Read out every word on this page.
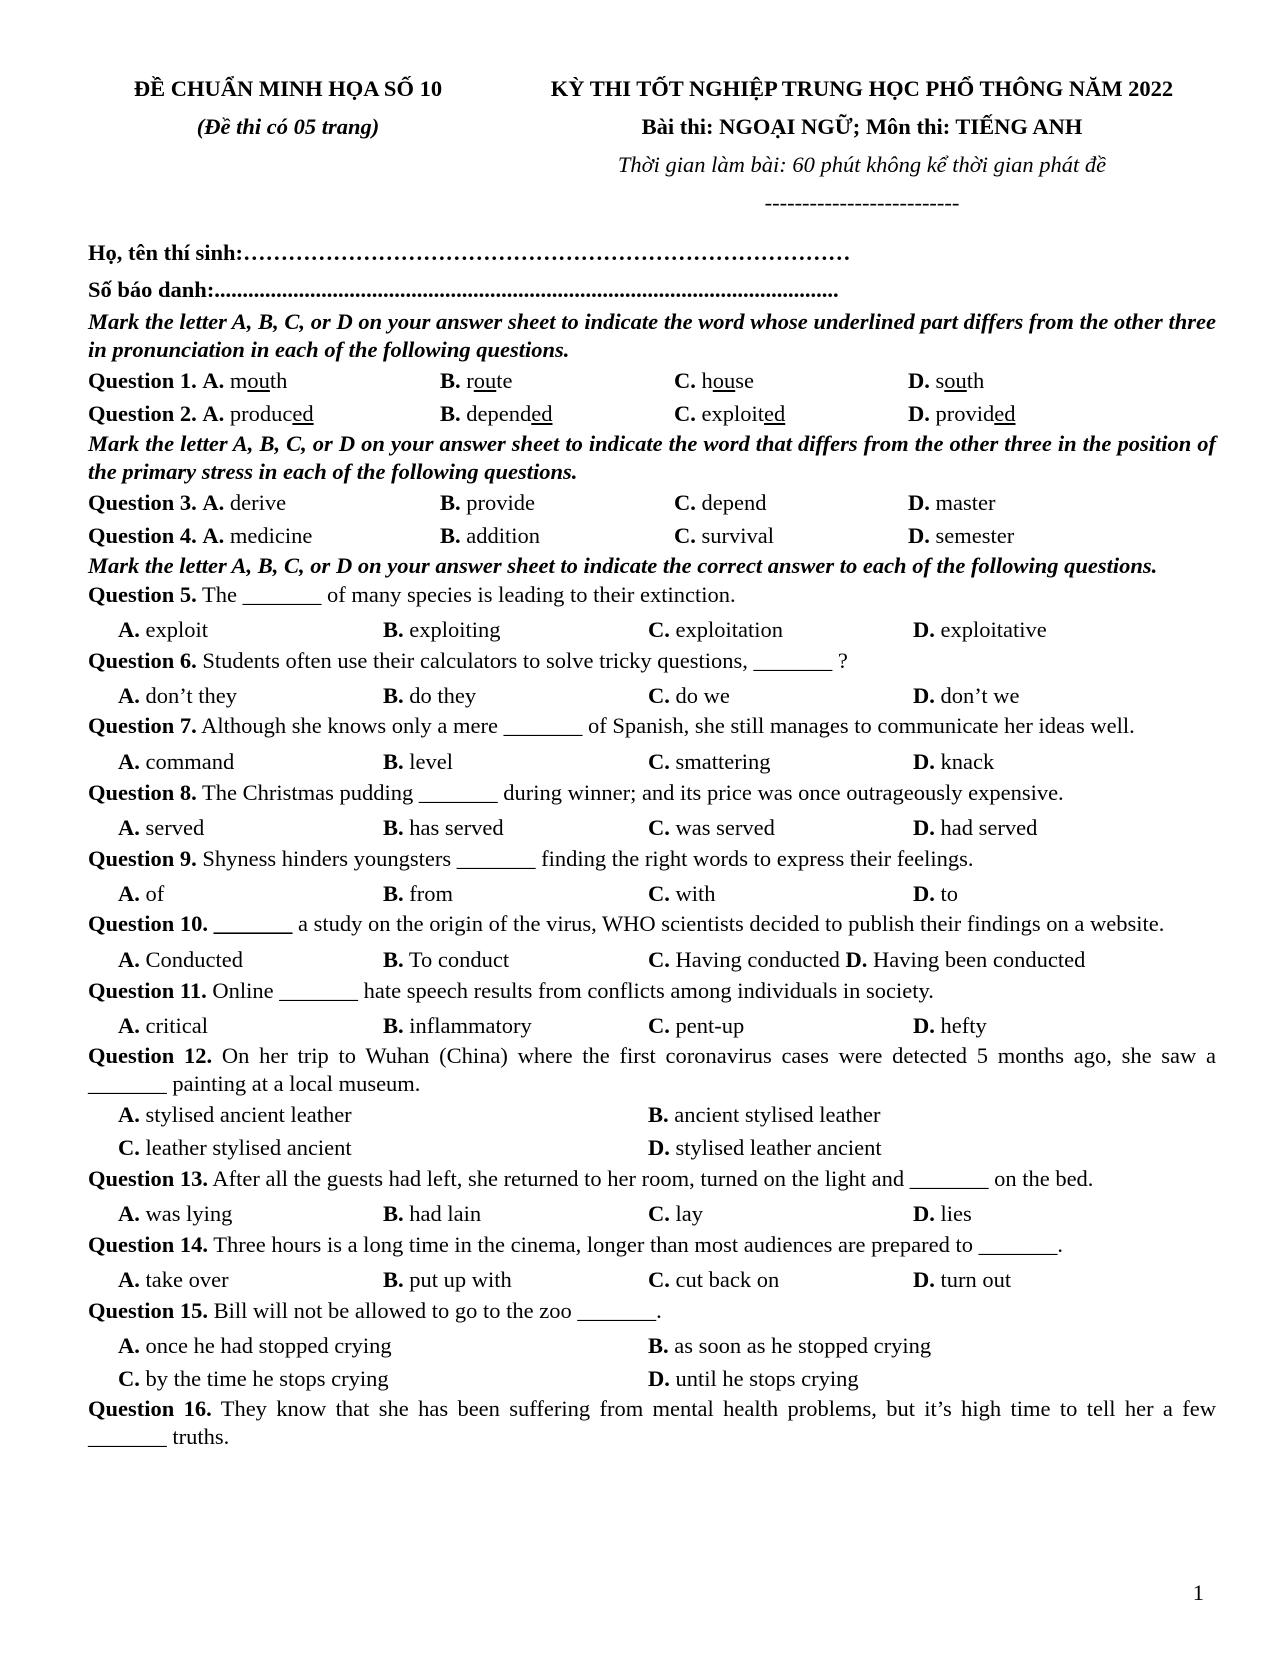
ĐỀ CHUẨN MINH HỌA SỐ 10
(Đề thi có 05 trang)
KỲ THI TỐT NGHIỆP TRUNG HỌC PHỔ THÔNG NĂM 2022
Bài thi: NGOẠI NGỮ; Môn thi: TIẾNG ANH
Thời gian làm bài: 60 phút không kể thời gian phát đề
--------------------------
Họ, tên thí sinh:………………………………………………………………………
Số báo danh:...............................................................................................................
Mark the letter A, B, C, or D on your answer sheet to indicate the word whose underlined part differs from the other three in pronunciation in each of the following questions.
Question 1. A. mouth	B. route	C. house	D. south
Question 2. A. produced	B. depended	C. exploited	D. provided
Mark the letter A, B, C, or D on your answer sheet to indicate the word that differs from the other three in the position of the primary stress in each of the following questions.
Question 3. A. derive	B. provide	C. depend	D. master
Question 4. A. medicine	B. addition	C. survival	D. semester
Mark the letter A, B, C, or D on your answer sheet to indicate the correct answer to each of the following questions.
Question 5. The _______ of many species is leading to their extinction.
A. exploit	B. exploiting	C. exploitation	D. exploitative
Question 6. Students often use their calculators to solve tricky questions, _______ ?
A. don’t they	B. do they	C. do we	D. don’t we
Question 7. Although she knows only a mere _______ of Spanish, she still manages to communicate her ideas well.
A. command	B. level	C. smattering	D. knack
Question 8. The Christmas pudding _______ during winner; and its price was once outrageously expensive.
A. served	B. has served	C. was served	D. had served
Question 9. Shyness hinders youngsters _______ finding the right words to express their feelings.
A. of	B. from	C. with	D. to
Question 10. _______ a study on the origin of the virus, WHO scientists decided to publish their findings on a website.
A. Conducted	B. To conduct	C. Having conducted D. Having been conducted
Question 11. Online _______ hate speech results from conflicts among individuals in society.
A. critical	B. inflammatory	C. pent-up	D. hefty
Question 12. On her trip to Wuhan (China) where the first coronavirus cases were detected 5 months ago, she saw a _______ painting at a local museum.
A. stylised ancient leather	B. ancient stylised leather
C. leather stylised ancient	D. stylised leather ancient
Question 13. After all the guests had left, she returned to her room, turned on the light and _______ on the bed.
A. was lying	B. had lain	C. lay	D. lies
Question 14. Three hours is a long time in the cinema, longer than most audiences are prepared to _______.
A. take over	B. put up with	C. cut back on	D. turn out
Question 15. Bill will not be allowed to go to the zoo _______.
A. once he had stopped crying	B. as soon as he stopped crying
C. by the time he stops crying	D. until he stops crying
Question 16. They know that she has been suffering from mental health problems, but it’s high time to tell her a few _______ truths.
1
